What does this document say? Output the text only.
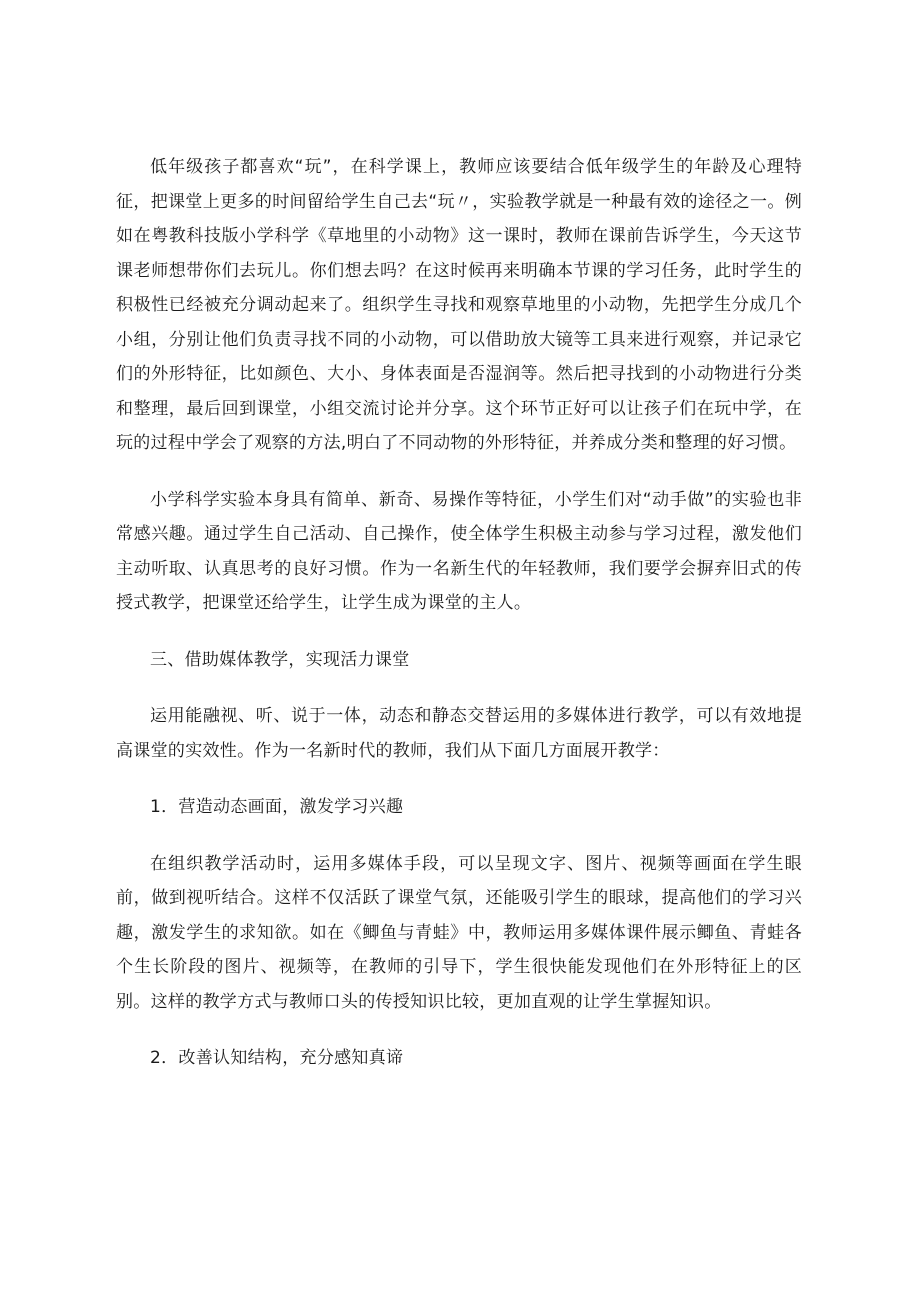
低年级孩子都喜欢“玩”，在科学课上，教师应该要结合低年级学生的年龄及心理特征，把课堂上更多的时间留给学生自己去“玩〃，实验教学就是一种最有效的途径之一。例如在粤教科技版小学科学《草地里的小动物》这一课时，教师在课前告诉学生，今天这节课老师想带你们去玩儿。你们想去吗？在这时候再来明确本节课的学习任务，此时学生的积极性已经被充分调动起来了。组织学生寻找和观察草地里的小动物，先把学生分成几个小组，分别让他们负责寻找不同的小动物，可以借助放大镜等工具来进行观察，并记录它们的外形特征，比如颜色、大小、身体表面是否湿润等。然后把寻找到的小动物进行分类和整理，最后回到课堂，小组交流讨论并分享。这个环节正好可以让孩子们在玩中学，在玩的过程中学会了观察的方法,明白了不同动物的外形特征，并养成分类和整理的好习惯。

小学科学实验本身具有简单、新奇、易操作等特征，小学生们对“动手做”的实验也非常感兴趣。通过学生自己活动、自己操作，使全体学生积极主动参与学习过程，激发他们主动听取、认真思考的良好习惯。作为一名新生代的年轻教师，我们要学会摒弃旧式的传授式教学，把课堂还给学生，让学生成为课堂的主人。

三、借助媒体教学，实现活力课堂

运用能融视、听、说于一体，动态和静态交替运用的多媒体进行教学，可以有效地提高课堂的实效性。作为一名新时代的教师，我们从下面几方面展开教学：

1．营造动态画面，激发学习兴趣

在组织教学活动时，运用多媒体手段，可以呈现文字、图片、视频等画面在学生眼前，做到视听结合。这样不仅活跃了课堂气氛，还能吸引学生的眼球，提高他们的学习兴趣，激发学生的求知欲。如在《鲫鱼与青蛙》中，教师运用多媒体课件展示鲫鱼、青蛙各个生长阶段的图片、视频等，在教师的引导下，学生很快能发现他们在外形特征上的区别。这样的教学方式与教师口头的传授知识比较，更加直观的让学生掌握知识。

2．改善认知结构，充分感知真谛
